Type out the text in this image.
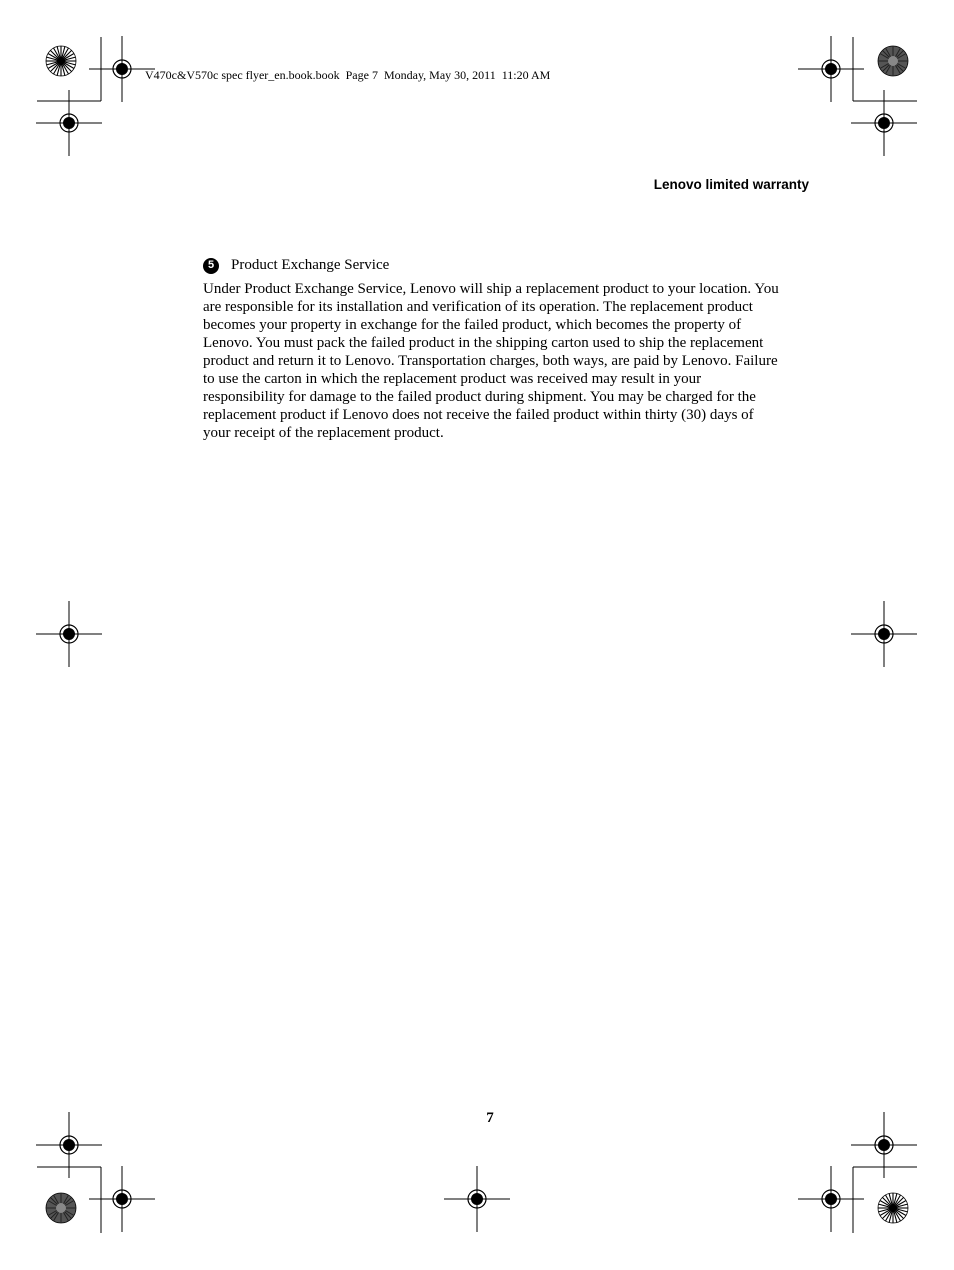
V470c&V570c spec flyer_en.book.book  Page 7  Monday, May 30, 2011  11:20 AM
Lenovo limited warranty
5	Product Exchange Service

Under Product Exchange Service, Lenovo will ship a replacement product to your location. You
are responsible for its installation and verification of its operation. The replacement product
becomes your property in exchange for the failed product, which becomes the property of
Lenovo. You must pack the failed product in the shipping carton used to ship the replacement
product and return it to Lenovo. Transportation charges, both ways, are paid by Lenovo. Failure
to use the carton in which the replacement product was received may result in your
responsibility for damage to the failed product during shipment. You may be charged for the
replacement product if Lenovo does not receive the failed product within thirty (30) days of
your receipt of the replacement product.

7
